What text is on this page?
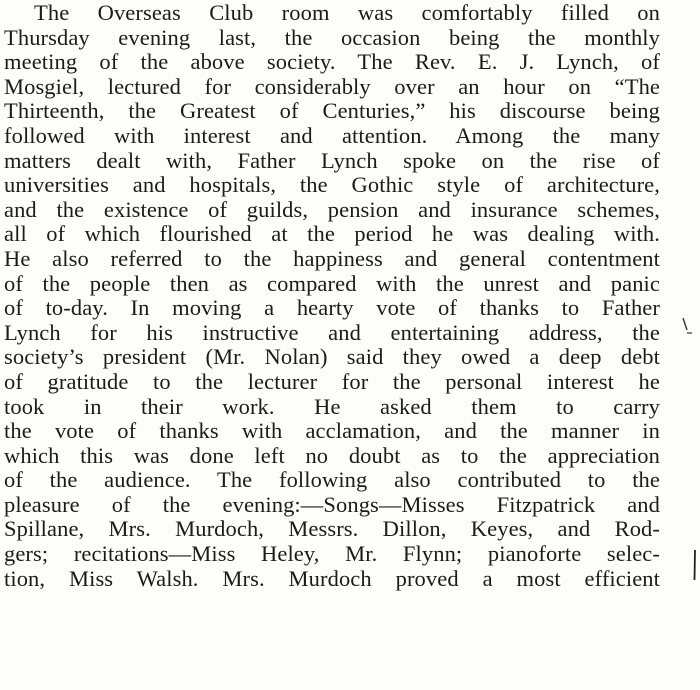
The Overseas Club room was comfortably filled on
Thursday evening last, the occasion being the monthly
meeting of the above society. The Rev. E. J. Lynch, of
Mosgiel, lectured for considerably over an hour on “The
Thirteenth, the Greatest of Centuries,” his discourse being
followed with interest and attention. Among the many
matters dealt with, Father Lynch spoke on the rise of
universities and hospitals, the Gothic style of architecture,
and the existence of guilds, pension and insurance schemes,
all of which flourished at the period he was dealing with.
He also referred to the happiness and general contentment
of the people then as compared with the unrest and panic
of to-day. In moving a hearty vote of thanks to Father
Lynch for his instructive and entertaining address, the
society’s president (Mr. Nolan) said they owed a deep debt
of gratitude to the lecturer for the personal interest he
took in their work. He asked them to carry
the vote of thanks with acclamation, and the manner in
which this was done left no doubt as to the appreciation
of the audience. The following also contributed to the
pleasure of the evening:—Songs—Misses Fitzpatrick and
Spillane, Mrs. Murdoch, Messrs. Dillon, Keyes, and Rod-
gers; recitations—Miss Heley, Mr. Flynn; pianoforte selec-
tion, Miss Walsh. Mrs. Murdoch proved a most efficient
